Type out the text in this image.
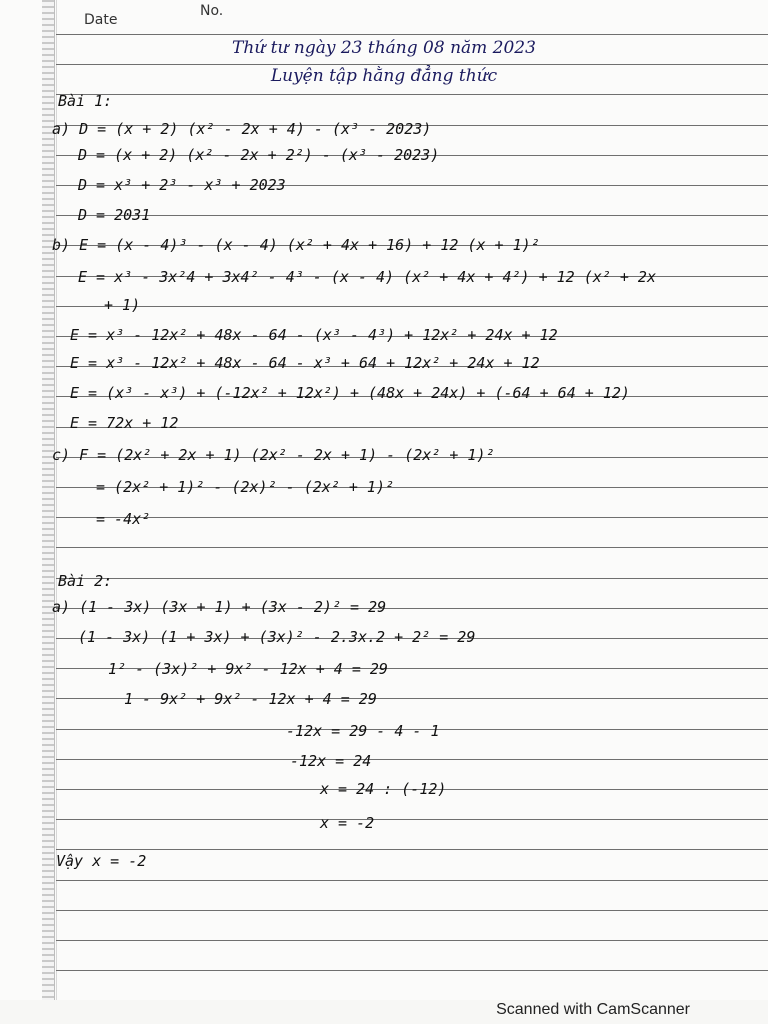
Date
No.
Thứ tư ngày 23 tháng 08 năm 2023
Luyện tập hằng đẳng thức
Bài 1:
a) D = (x + 2) (x² - 2x + 4) - (x³ - 2023)
D = (x + 2) (x² - 2x + 2²) - (x³ - 2023)
D = x³ + 2³ - x³ + 2023
D = 2031
b) E = (x - 4)³ - (x - 4) (x² + 4x + 16) + 12 (x + 1)²
E = x³ - 3x²4 + 3x4² - 4³ - (x - 4) (x² + 4x + 4²) + 12 (x² + 2x
+ 1)
E = x³ - 12x² + 48x - 64 - (x³ - 4³) + 12x² + 24x + 12
E = x³ - 12x² + 48x - 64 - x³ + 64 + 12x² + 24x + 12
E = (x³ - x³) + (-12x² + 12x²) + (48x + 24x) + (-64 + 64 + 12)
E = 72x + 12
c) F = (2x² + 2x + 1) (2x² - 2x + 1) - (2x² + 1)²
= (2x² + 1)² - (2x)² - (2x² + 1)²
= -4x²
Bài 2:
a) (1 - 3x) (3x + 1) + (3x - 2)² = 29
(1 - 3x) (1 + 3x) + (3x)² - 2.3x.2 + 2² = 29
1² - (3x)² + 9x² - 12x + 4 = 29
1 - 9x² + 9x² - 12x + 4 = 29
-12x = 29 - 4 - 1
-12x = 24
x = 24 : (-12)
x = -2
Vậy x = -2
Scanned with CamScanner
